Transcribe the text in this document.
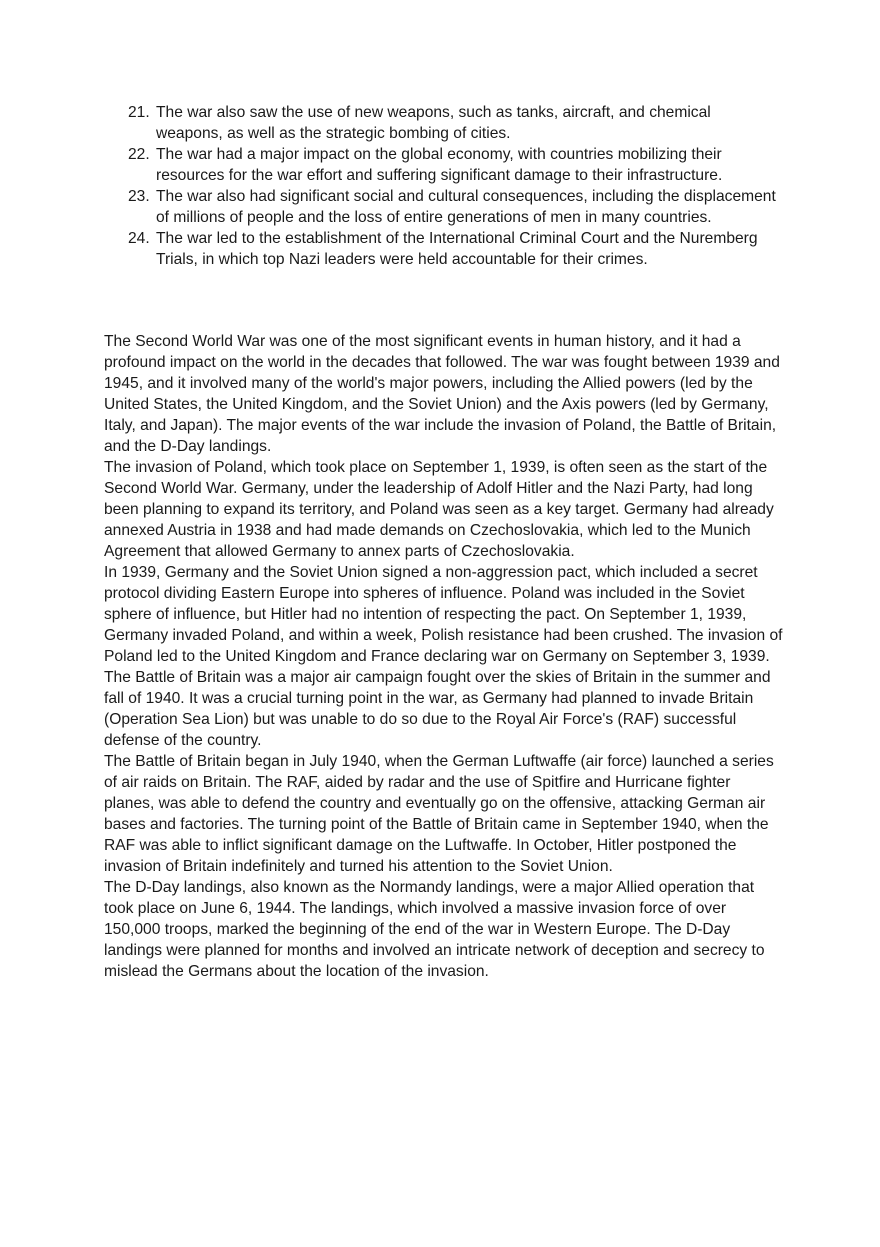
21. The war also saw the use of new weapons, such as tanks, aircraft, and chemical weapons, as well as the strategic bombing of cities.
22. The war had a major impact on the global economy, with countries mobilizing their resources for the war effort and suffering significant damage to their infrastructure.
23. The war also had significant social and cultural consequences, including the displacement of millions of people and the loss of entire generations of men in many countries.
24. The war led to the establishment of the International Criminal Court and the Nuremberg Trials, in which top Nazi leaders were held accountable for their crimes.

The Second World War was one of the most significant events in human history, and it had a profound impact on the world in the decades that followed. The war was fought between 1939 and 1945, and it involved many of the world's major powers, including the Allied powers (led by the United States, the United Kingdom, and the Soviet Union) and the Axis powers (led by Germany, Italy, and Japan). The major events of the war include the invasion of Poland, the Battle of Britain, and the D-Day landings.

The invasion of Poland, which took place on September 1, 1939, is often seen as the start of the Second World War. Germany, under the leadership of Adolf Hitler and the Nazi Party, had long been planning to expand its territory, and Poland was seen as a key target. Germany had already annexed Austria in 1938 and had made demands on Czechoslovakia, which led to the Munich Agreement that allowed Germany to annex parts of Czechoslovakia.

In 1939, Germany and the Soviet Union signed a non-aggression pact, which included a secret protocol dividing Eastern Europe into spheres of influence. Poland was included in the Soviet sphere of influence, but Hitler had no intention of respecting the pact. On September 1, 1939, Germany invaded Poland, and within a week, Polish resistance had been crushed. The invasion of Poland led to the United Kingdom and France declaring war on Germany on September 3, 1939.

The Battle of Britain was a major air campaign fought over the skies of Britain in the summer and fall of 1940. It was a crucial turning point in the war, as Germany had planned to invade Britain (Operation Sea Lion) but was unable to do so due to the Royal Air Force's (RAF) successful defense of the country.

The Battle of Britain began in July 1940, when the German Luftwaffe (air force) launched a series of air raids on Britain. The RAF, aided by radar and the use of Spitfire and Hurricane fighter planes, was able to defend the country and eventually go on the offensive, attacking German air bases and factories. The turning point of the Battle of Britain came in September 1940, when the RAF was able to inflict significant damage on the Luftwaffe. In October, Hitler postponed the invasion of Britain indefinitely and turned his attention to the Soviet Union.

The D-Day landings, also known as the Normandy landings, were a major Allied operation that took place on June 6, 1944. The landings, which involved a massive invasion force of over 150,000 troops, marked the beginning of the end of the war in Western Europe. The D-Day landings were planned for months and involved an intricate network of deception and secrecy to mislead the Germans about the location of the invasion.
